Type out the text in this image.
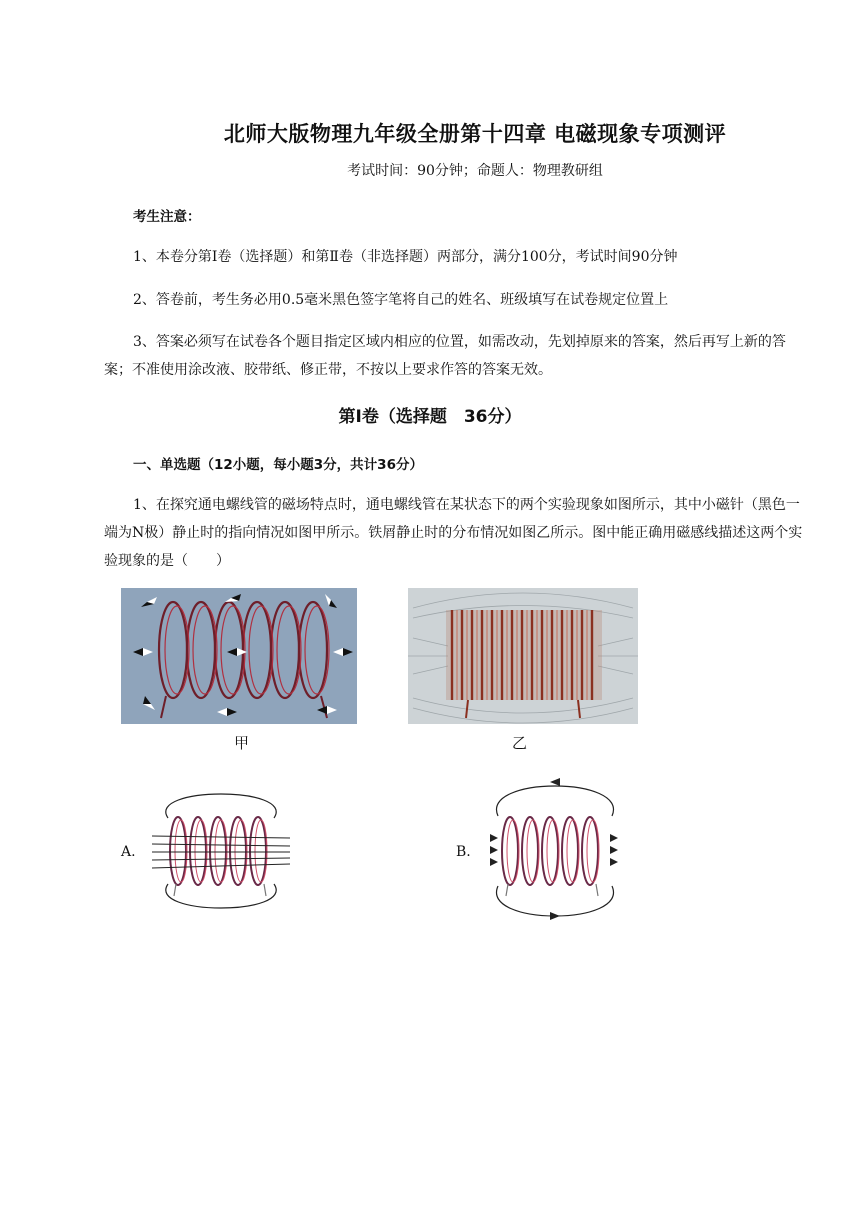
北师大版物理九年级全册第十四章 电磁现象专项测评
考试时间：90分钟；命题人：物理教研组
考生注意：
1、本卷分第Ⅰ卷（选择题）和第Ⅱ卷（非选择题）两部分，满分100分，考试时间90分钟
2、答卷前，考生务必用0.5毫米黑色签字笔将自己的姓名、班级填写在试卷规定位置上
3、答案必须写在试卷各个题目指定区域内相应的位置，如需改动，先划掉原来的答案，然后再写上新的答案；不准使用涂改液、胶带纸、修正带，不按以上要求作答的答案无效。
第Ⅰ卷（选择题　36分）
一、单选题（12小题，每小题3分，共计36分）
1、在探究通电螺线管的磁场特点时，通电螺线管在某状态下的两个实验现象如图所示，其中小磁针（黑色一端为N极）静止时的指向情况如图甲所示。铁屑静止时的分布情况如图乙所示。图中能正确用磁感线描述这两个实验现象的是（　　）
甲	乙
A.	B.
